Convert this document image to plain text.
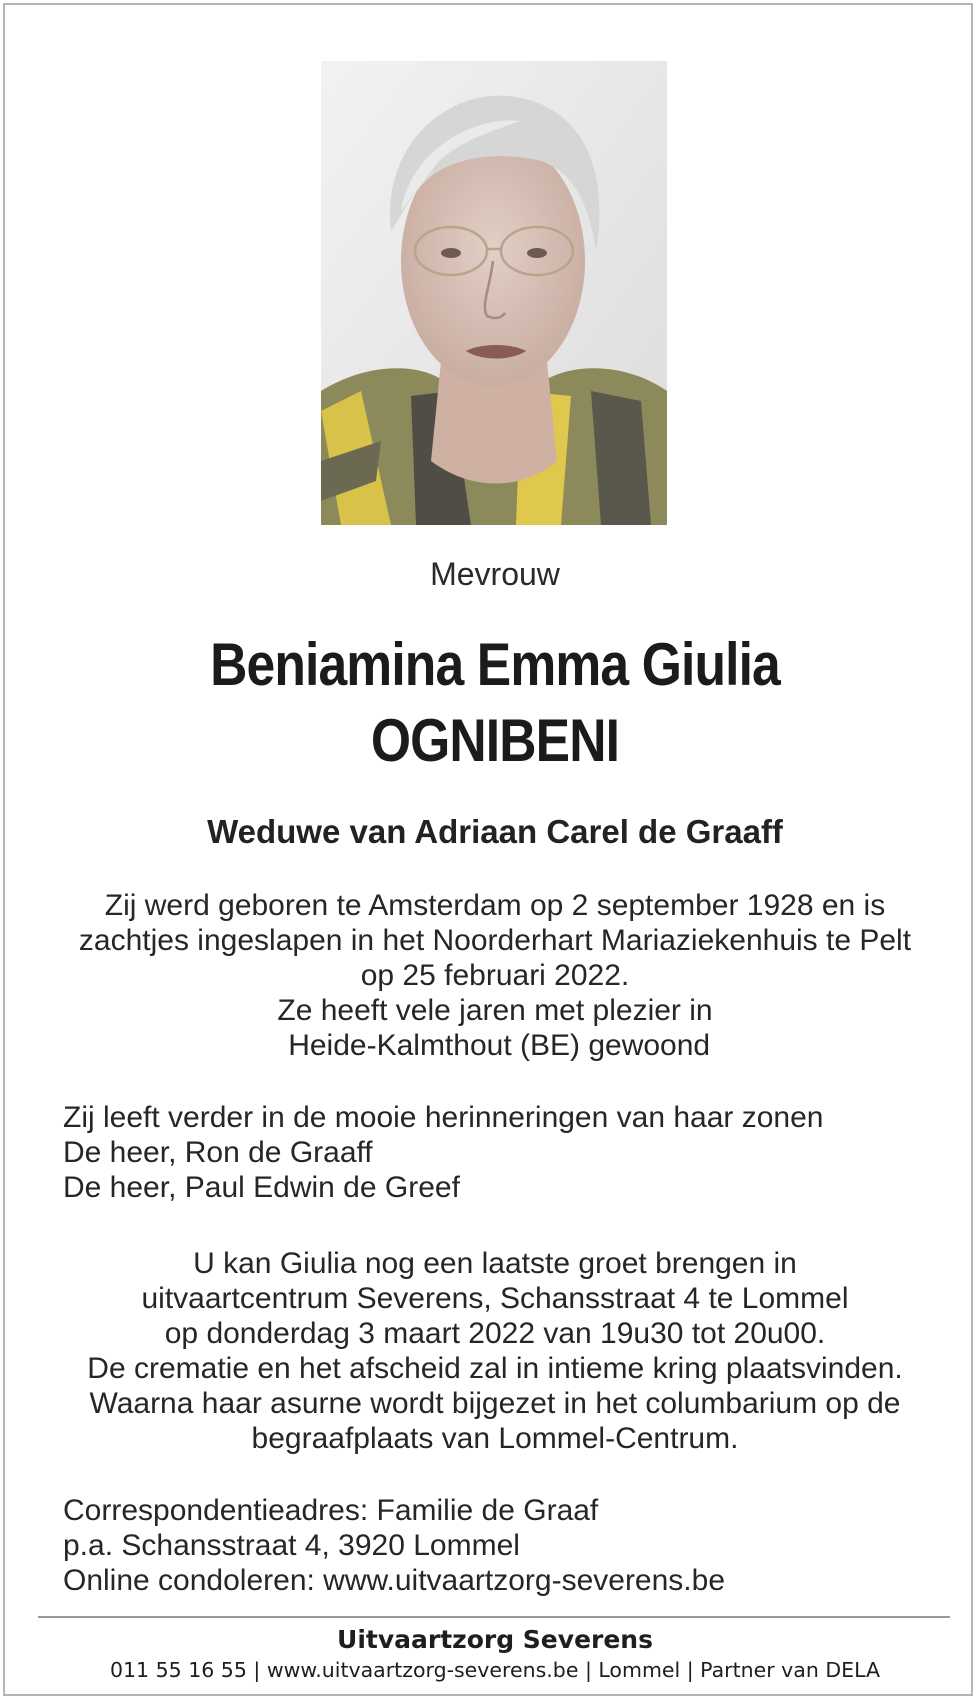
Mevrouw
Beniamina Emma Giulia
OGNIBENI
Weduwe van Adriaan Carel de Graaff
Zij werd geboren te Amsterdam op 2 september 1928 en is
zachtjes ingeslapen in het Noorderhart Mariaziekenhuis te Pelt
op 25 februari 2022.
Ze heeft vele jaren met plezier in
Heide-Kalmthout (BE) gewoond
Zij leeft verder in de mooie herinneringen van haar zonen
De heer, Ron de Graaff
De heer, Paul Edwin de Greef
U kan Giulia nog een laatste groet brengen in
uitvaartcentrum Severens, Schansstraat 4 te Lommel
op donderdag 3 maart 2022 van 19u30 tot 20u00.
De crematie en het afscheid zal in intieme kring plaatsvinden.
Waarna haar asurne wordt bijgezet in het columbarium op de
begraafplaats van Lommel-Centrum.
Correspondentieadres: Familie de Graaf
p.a. Schansstraat 4, 3920 Lommel
Online condoleren: www.uitvaartzorg-severens.be
Uitvaartzorg Severens
011 55 16 55 | www.uitvaartzorg-severens.be | Lommel | Partner van DELA
